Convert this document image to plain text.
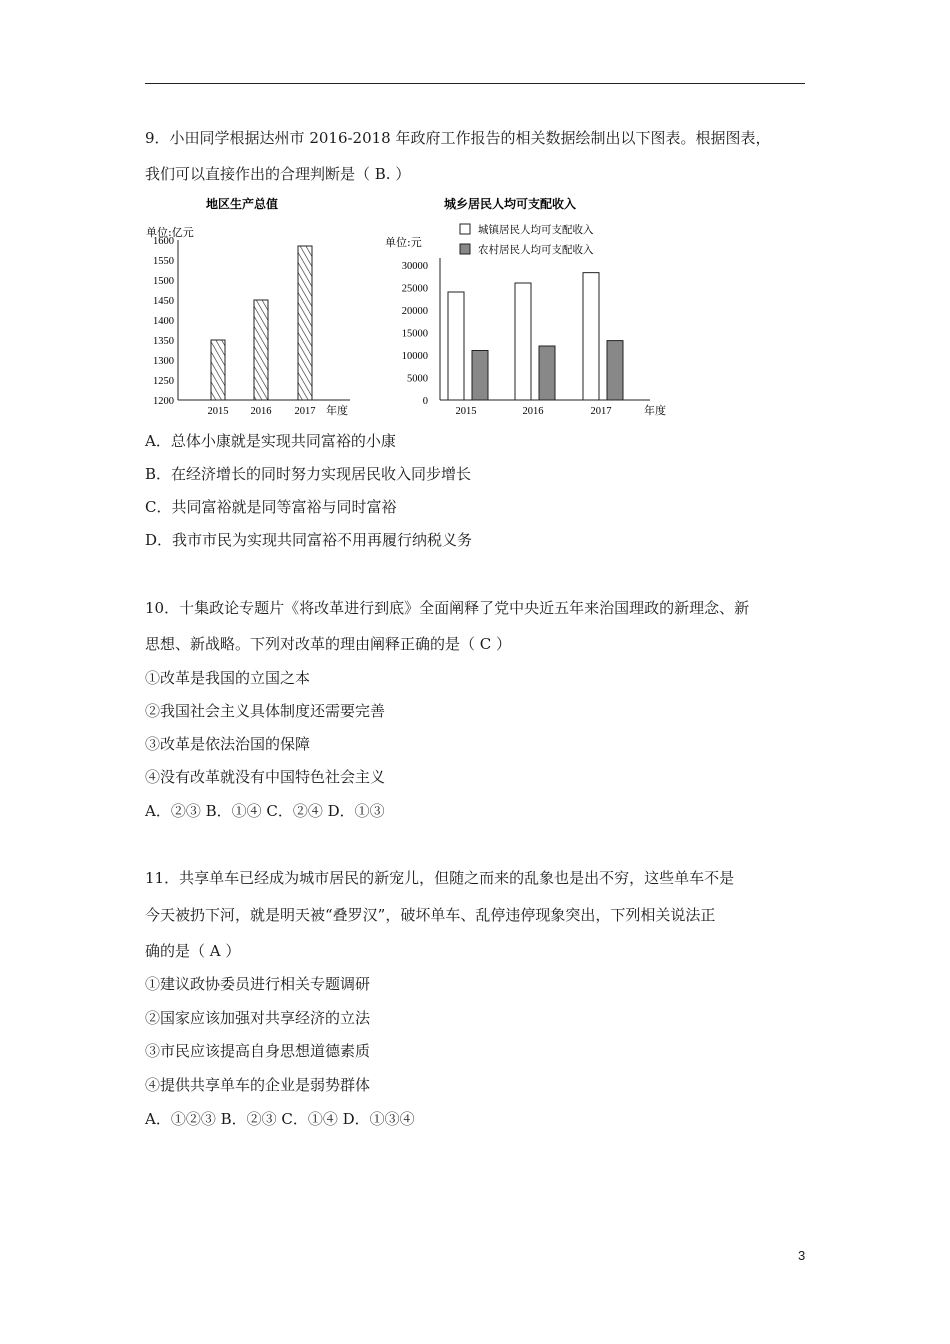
9．小田同学根据达州市 2016-2018 年政府工作报告的相关数据绘制出以下图表。根据图表，
我们可以直接作出的合理判断是（ B. ）
地区生产总值
单位:亿元
1200
1250
1300
1350
1400
1450
1500
1550
1600
2015 2016 2017 年度
城乡居民人均可支配收入
单位:元
城镇居民人均可支配收入
农村居民人均可支配收入
0
5000
10000
15000
20000
25000
30000
2015	2016	2017	年度
A．总体小康就是实现共同富裕的小康
B．在经济增长的同时努力实现居民收入同步增长
C．共同富裕就是同等富裕与同时富裕
D．我市市民为实现共同富裕不用再履行纳税义务
10．十集政论专题片《将改革进行到底》全面阐释了党中央近五年来治国理政的新理念、新
思想、新战略。下列对改革的理由阐释正确的是（ C ）
①改革是我国的立国之本
②我国社会主义具体制度还需要完善
③改革是依法治国的保障
④没有改革就没有中国特色社会主义
A．②③ B．①④ C．②④ D．①③
11．共享单车已经成为城市居民的新宠儿，但随之而来的乱象也是出不穷，这些单车不是
今天被扔下河，就是明天被“叠罗汉”，破坏单车、乱停违停现象突出，下列相关说法正
确的是（ A ）
①建议政协委员进行相关专题调研
②国家应该加强对共享经济的立法
③市民应该提高自身思想道德素质
④提供共享单车的企业是弱势群体
A．①②③ B．②③ C．①④ D．①③④
3
